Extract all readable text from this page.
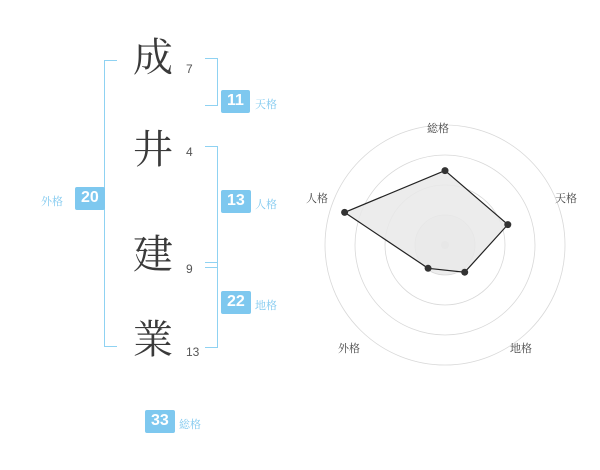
20
外格
成
井
建
業
7
4
9
13
11	天格
13 人格
22 地格
33 総格
総格
天格
地格
外格
人格
